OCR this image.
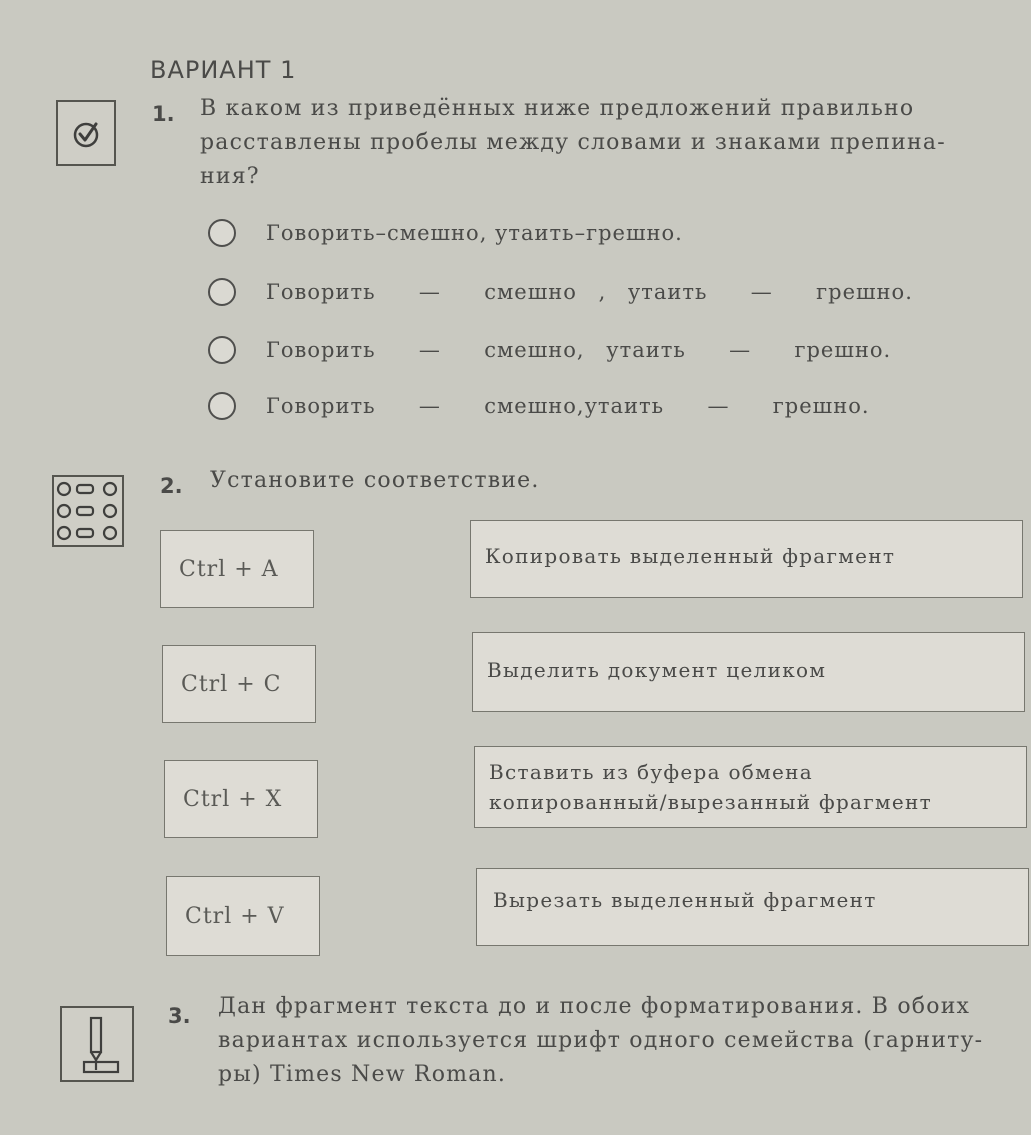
ВАРИАНТ 1
1. В каком из приведённых ниже предложений правильно
расставлены пробелы между словами и знаками препина-
ния?
Говорить–смешно, утаить–грешно.
Говорить  —  смешно , утаить  —  грешно.
Говорить  —  смешно, утаить  —  грешно.
Говорить  —  смешно,утаить  —  грешно.
2. Установите соответствие.
Ctrl + A
Ctrl + C
Ctrl + X
Ctrl + V
Копировать выделенный фрагмент
Выделить документ целиком
Вставить из буфера обмена
копированный/вырезанный фрагмент
Вырезать выделенный фрагмент
3. Дан фрагмент текста до и после форматирования. В обоих
вариантах используется шрифт одного семейства (гарниту-
ры) Times New Roman.
